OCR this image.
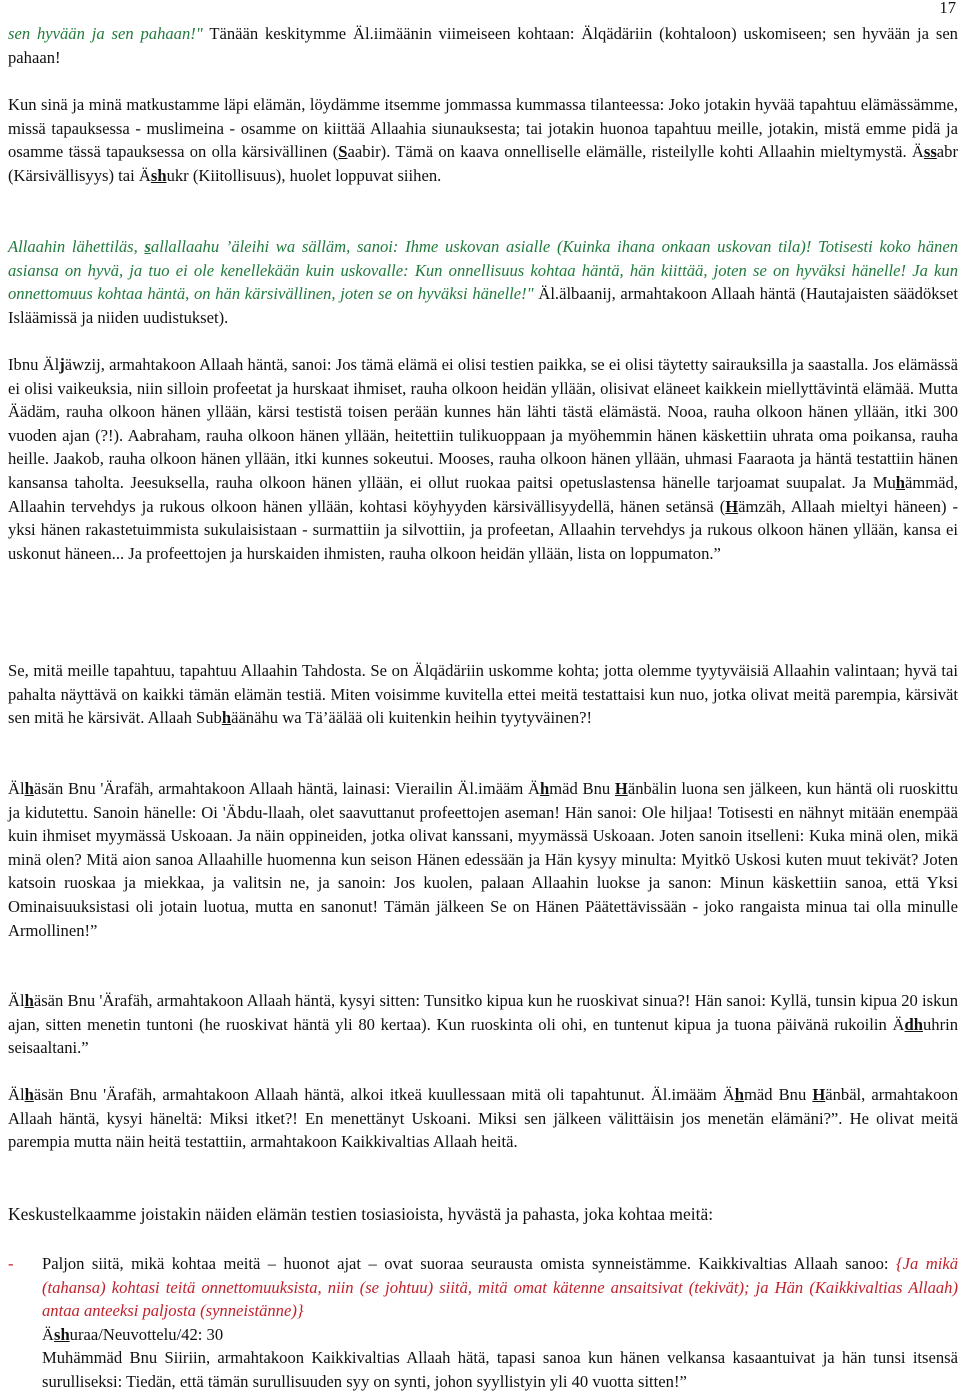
17

sen hyvään ja sen pahaan!" Tänään keskitymme Äl.iimäänin viimeiseen kohtaan: Älqädäriin (kohtaloon) uskomiseen; sen hyvään ja sen pahaan!

Kun sinä ja minä matkustamme läpi elämän, löydämme itsemme jommassa kummassa tilanteessa: Joko jotakin hyvää tapahtuu elämässämme, missä tapauksessa - muslimeina - osamme on kiittää Allaahia siunauksesta; tai jotakin huonoa tapahtuu meille, jotakin, mistä emme pidä ja osamme tässä tapauksessa on olla kärsivällinen (Saabir). Tämä on kaava onnelliselle elämälle, risteilylle kohti Allaahin mieltymystä. Ässabr (Kärsivällisyys) tai Äshukr (Kiitollisuus), huolet loppuvat siihen.

Allaahin lähettiläs, sallallaahu ’äleihi wa sälläm, sanoi: Ihme uskovan asialle (Kuinka ihana onkaan uskovan tila)! Totisesti koko hänen asiansa on hyvä, ja tuo ei ole kenellekään kuin uskovalle: Kun onnellisuus kohtaa häntä, hän kiittää, joten se on hyväksi hänelle! Ja kun onnettomuus kohtaa häntä, on hän kärsivällinen, joten se on hyväksi hänelle!" Äl.älbaanij, armahtakoon Allaah häntä (Hautajaisten säädökset Isläämissä ja niiden uudistukset).

Ibnu Äljäwzij, armahtakoon Allaah häntä, sanoi: Jos tämä elämä ei olisi testien paikka, se ei olisi täytetty sairauksilla ja saastalla. Jos elämässä ei olisi vaikeuksia, niin silloin profeetat ja hurskaat ihmiset, rauha olkoon heidän yllään, olisivat eläneet kaikkein miellyttävintä elämää. Mutta Äädäm, rauha olkoon hänen yllään, kärsi testistä toisen perään kunnes hän lähti tästä elämästä. Nooa, rauha olkoon hänen yllään, itki 300 vuoden ajan (?!). Aabraham, rauha olkoon hänen yllään, heitettiin tulikuoppaan ja myöhemmin hänen käskettiin uhrata oma poikansa, rauha heille. Jaakob, rauha olkoon hänen yllään, itki kunnes sokeutui. Mooses, rauha olkoon hänen yllään, uhmasi Faaraota ja häntä testattiin hänen kansansa taholta. Jeesuksella, rauha olkoon hänen yllään, ei ollut ruokaa paitsi opetuslastensa hänelle tarjoamat suupalat. Ja Muhämmäd, Allaahin tervehdys ja rukous olkoon hänen yllään, kohtasi köyhyyden kärsivällisyydellä, hänen setänsä (Hämzäh, Allaah mieltyi häneen) - yksi hänen rakastetuimmista sukulaisistaan - surmattiin ja silvottiin, ja profeetan, Allaahin tervehdys ja rukous olkoon hänen yllään, kansa ei uskonut häneen... Ja profeettojen ja hurskaiden ihmisten, rauha olkoon heidän yllään, lista on loppumaton.”

Se, mitä meille tapahtuu, tapahtuu Allaahin Tahdosta. Se on Älqädäriin uskomme kohta; jotta olemme tyytyväisiä Allaahin valintaan; hyvä tai pahalta näyttävä on kaikki tämän elämän testiä. Miten voisimme kuvitella ettei meitä testattaisi kun nuo, jotka olivat meitä parempia, kärsivät sen mitä he kärsivät. Allaah Subhäänähu wa Tä’äälää oli kuitenkin heihin tyytyväinen?!

Älhäsän Bnu 'Ärafäh, armahtakoon Allaah häntä, lainasi: Vierailin Äl.imääm Ähmäd Bnu Hänbälin luona sen jälkeen, kun häntä oli ruoskittu ja kidutettu. Sanoin hänelle: Oi 'Äbdu-llaah, olet saavuttanut profeettojen aseman! Hän sanoi: Ole hiljaa! Totisesti en nähnyt mitään enempää kuin ihmiset myymässä Uskoaan. Ja näin oppineiden, jotka olivat kanssani, myymässä Uskoaan. Joten sanoin itselleni: Kuka minä olen, mikä minä olen? Mitä aion sanoa Allaahille huomenna kun seison Hänen edessään ja Hän kysyy minulta: Myitkö Uskosi kuten muut tekivät? Joten katsoin ruoskaa ja miekkaa, ja valitsin ne, ja sanoin: Jos kuolen, palaan Allaahin luokse ja sanon: Minun käskettiin sanoa, että Yksi Ominaisuuksistasi oli jotain luotua, mutta en sanonut! Tämän jälkeen Se on Hänen Päätettävissään - joko rangaista minua tai olla minulle Armollinen!”

Älhäsän Bnu 'Ärafäh, armahtakoon Allaah häntä, kysyi sitten: Tunsitko kipua kun he ruoskivat sinua?! Hän sanoi: Kyllä, tunsin kipua 20 iskun ajan, sitten menetin tuntoni (he ruoskivat häntä yli 80 kertaa). Kun ruoskinta oli ohi, en tuntenut kipua ja tuona päivänä rukoilin Ädhuhrin seisaaltani.”

Älhäsän Bnu 'Ärafäh, armahtakoon Allaah häntä, alkoi itkeä kuullessaan mitä oli tapahtunut. Äl.imääm Ähmäd Bnu Hänbäl, armahtakoon Allaah häntä, kysyi häneltä: Miksi itket?! En menettänyt Uskoani. Miksi sen jälkeen välittäisin jos menetän elämäni?”. He olivat meitä parempia mutta näin heitä testattiin, armahtakoon Kaikkivaltias Allaah heitä.

Keskustelkaamme joistakin näiden elämän testien tosiasioista, hyvästä ja pahasta, joka kohtaa meitä:

- Paljon siitä, mikä kohtaa meitä – huonot ajat – ovat suoraa seurausta omista synneistämme. Kaikkivaltias Allaah sanoo: {Ja mikä (tahansa) kohtasi teitä onnettomuuksista, niin (se johtuu) siitä, mitä omat kätenne ansaitsivat (tekivät); ja Hän (Kaikkivaltias Allaah) antaa anteeksi paljosta (synneistänne)}
Äshuraa/Neuvottelu/42: 30
Muhämmäd Bnu Siiriin, armahtakoon Kaikkivaltias Allaah hätä, tapasi sanoa kun hänen velkansa kasaantuivat ja hän tunsi itsensä surulliseksi: Tiedän, että tämän surullisuuden syy on synti, johon syyllistyin yli 40 vuotta sitten!”
